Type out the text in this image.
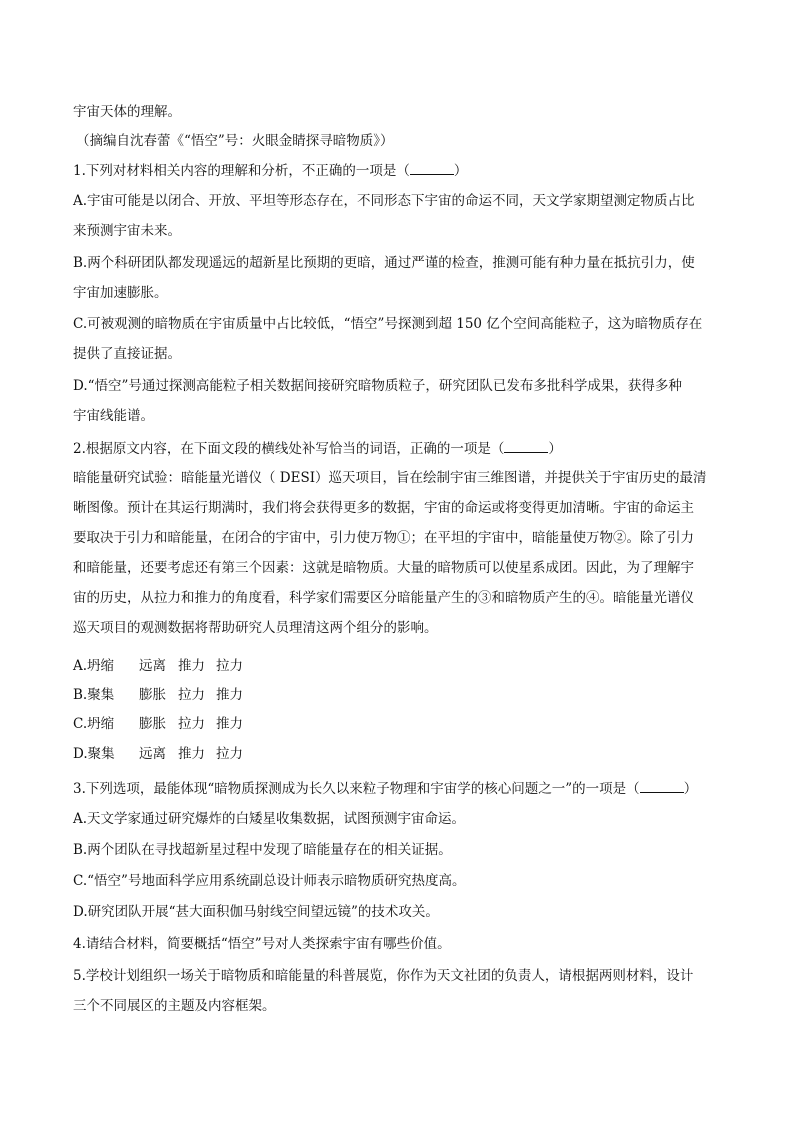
宇宙天体的理解。
（摘编自沈春蕾《“悟空”号：火眼金睛探寻暗物质》）
1.下列对材料相关内容的理解和分析，不正确的一项是（	）
A.宇宙可能是以闭合、开放、平坦等形态存在，不同形态下宇宙的命运不同，天文学家期望测定物质占比
来预测宇宙未来。
B.两个科研团队都发现遥远的超新星比预期的更暗，通过严谨的检查，推测可能有种力量在抵抗引力，使
宇宙加速膨胀。
C.可被观测的暗物质在宇宙质量中占比较低，“悟空”号探测到超 150 亿个空间高能粒子，这为暗物质存在
提供了直接证据。
D.“悟空”号通过探测高能粒子相关数据间接研究暗物质粒子，研究团队已发布多批科学成果，获得多种
宇宙线能谱。
2.根据原文内容，在下面文段的横线处补写恰当的词语，正确的一项是（	）
暗能量研究试验：暗能量光谱仪（ DESI）巡天项目，旨在绘制宇宙三维图谱，并提供关于宇宙历史的最清
晰图像。预计在其运行期满时，我们将会获得更多的数据，宇宙的命运或将变得更加清晰。宇宙的命运主
要取决于引力和暗能量，在闭合的宇宙中，引力使万物①；在平坦的宇宙中，暗能量使万物②。除了引力
和暗能量，还要考虑还有第三个因素：这就是暗物质。大量的暗物质可以使星系成团。因此，为了理解宇
宙的历史，从拉力和推力的角度看，科学家们需要区分暗能量产生的③和暗物质产生的④。暗能量光谱仪
巡天项目的观测数据将帮助研究人员理清这两个组分的影响。
A.坍缩 远离 推力 拉力
B.聚集 膨胀 拉力 推力
C.坍缩 膨胀 拉力 推力
D.聚集 远离 推力 拉力
3.下列选项，最能体现“暗物质探测成为长久以来粒子物理和宇宙学的核心问题之一”的一项是（	）
A.天文学家通过研究爆炸的白矮星收集数据，试图预测宇宙命运。
B.两个团队在寻找超新星过程中发现了暗能量存在的相关证据。
C.“悟空”号地面科学应用系统副总设计师表示暗物质研究热度高。
D.研究团队开展“甚大面积伽马射线空间望远镜”的技术攻关。
4.请结合材料，简要概括“悟空”号对人类探索宇宙有哪些价值。
5.学校计划组织一场关于暗物质和暗能量的科普展览，你作为天文社团的负责人，请根据两则材料，设计
三个不同展区的主题及内容框架。
